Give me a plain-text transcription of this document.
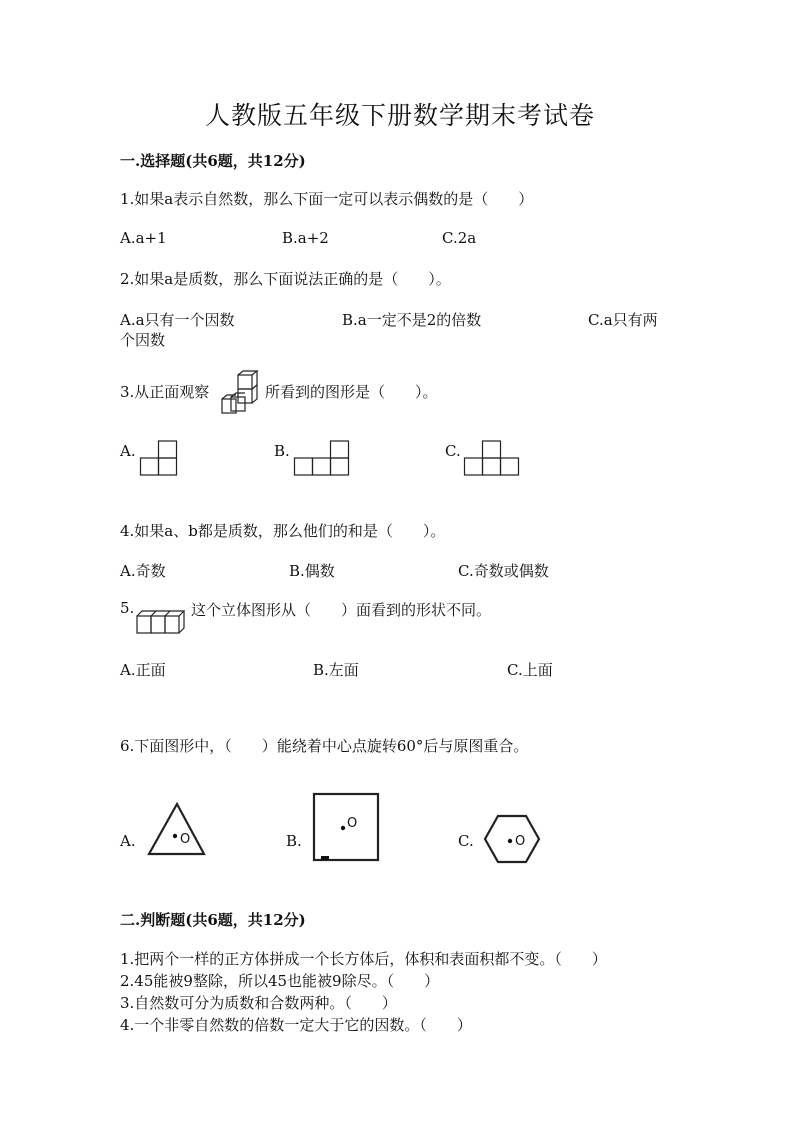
人教版五年级下册数学期末考试卷
一.选择题(共6题，共12分)
1.如果a表示自然数，那么下面一定可以表示偶数的是（　　）
A.a+1	B.a+2	C.2a
2.如果a是质数，那么下面说法正确的是（　　）。
A.a只有一个因数	B.a一定不是2的倍数	C.a只有两
个因数
3.从正面观察	所看到的图形是（　　）。
A.	B.	C.
4.如果a、b都是质数，那么他们的和是（　　）。
A.奇数	B.偶数	C.奇数或偶数
5.	这个立体图形从（　　）面看到的形状不同。
A.正面	B.左面	C.上面
6.下面图形中，（　　）能绕着中心点旋转60°后与原图重合。
A.	O	B.
O
C.	O
二.判断题(共6题，共12分)
1.把两个一样的正方体拼成一个长方体后，体积和表面积都不变。（　　）
2.45能被9整除，所以45也能被9除尽。（　　）
3.自然数可分为质数和合数两种。（　　）
4.一个非零自然数的倍数一定大于它的因数。（　　）
